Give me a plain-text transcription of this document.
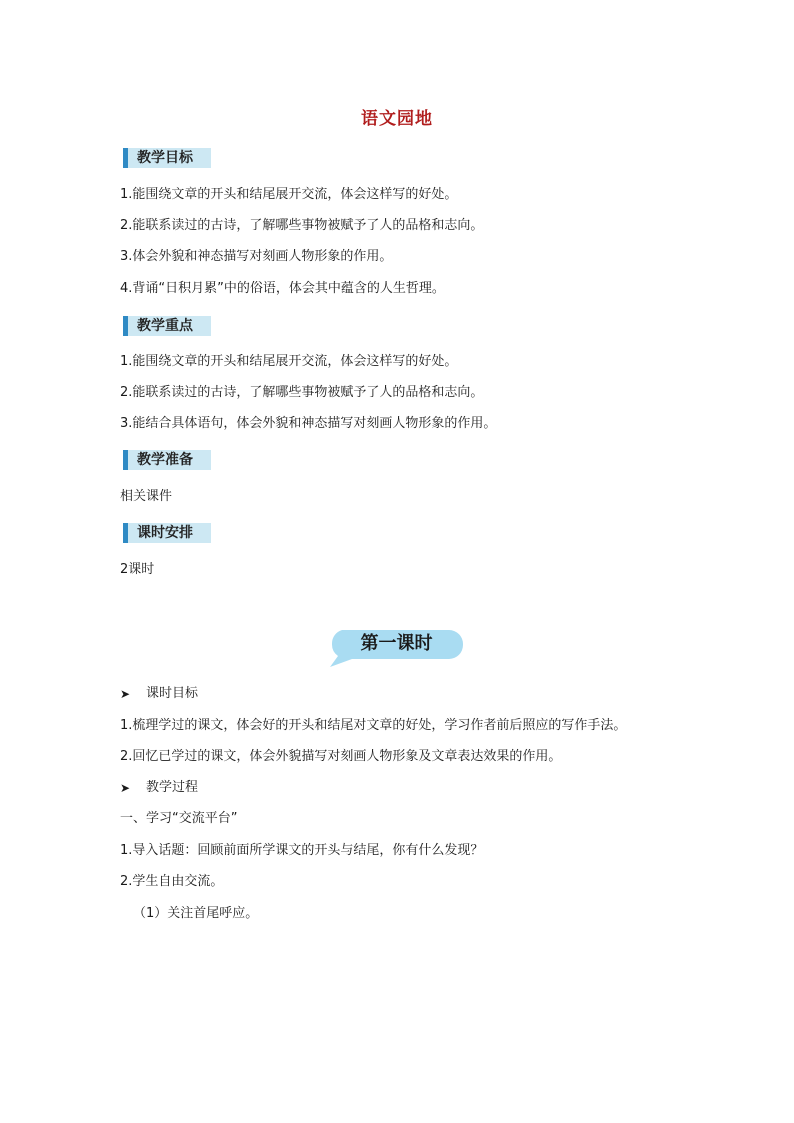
语文园地
教学目标
1.能围绕文章的开头和结尾展开交流，体会这样写的好处。
2.能联系读过的古诗，了解哪些事物被赋予了人的品格和志向。
3.体会外貌和神态描写对刻画人物形象的作用。
4.背诵“日积月累”中的俗语，体会其中蕴含的人生哲理。
教学重点
1.能围绕文章的开头和结尾展开交流，体会这样写的好处。
2.能联系读过的古诗，了解哪些事物被赋予了人的品格和志向。
3.能结合具体语句，体会外貌和神态描写对刻画人物形象的作用。
教学准备
相关课件
课时安排
2课时
第一课时
➤ 课时目标
1.梳理学过的课文，体会好的开头和结尾对文章的好处，学习作者前后照应的写作手法。
2.回忆已学过的课文，体会外貌描写对刻画人物形象及文章表达效果的作用。
➤ 教学过程
一、学习“交流平台”
1.导入话题：回顾前面所学课文的开头与结尾，你有什么发现？
2.学生自由交流。
（1）关注首尾呼应。
